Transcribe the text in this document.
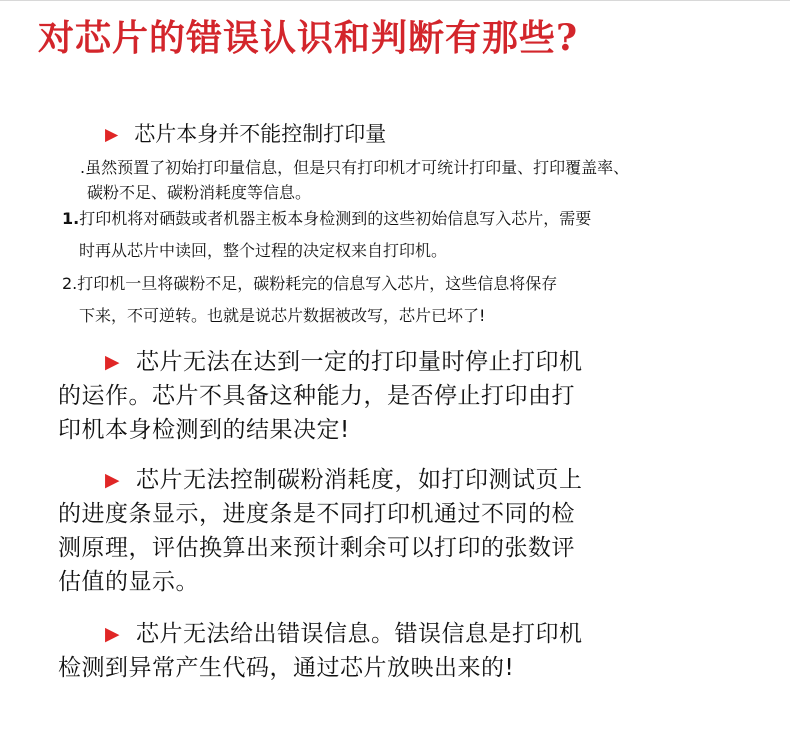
对芯片的错误认识和判断有那些?
▶ 芯片本身并不能控制打印量
.虽然预置了初始打印量信息，但是只有打印机才可统计打印量、打印覆盖率、
碳粉不足、碳粉消耗度等信息。
1.打印机将对硒鼓或者机器主板本身检测到的这些初始信息写入芯片，需要
时再从芯片中读回，整个过程的决定权来自打印机。
2.打印机一旦将碳粉不足，碳粉耗完的信息写入芯片，这些信息将保存
下来，不可逆转。也就是说芯片数据被改写，芯片已坏了!
▶ 芯片无法在达到一定的打印量时停止打印机
的运作。芯片不具备这种能力，是否停止打印由打
印机本身检测到的结果决定!
▶ 芯片无法控制碳粉消耗度，如打印测试页上
的进度条显示，进度条是不同打印机通过不同的检
测原理，评估换算出来预计剩余可以打印的张数评
估值的显示。
▶ 芯片无法给出错误信息。错误信息是打印机
检测到异常产生代码，通过芯片放映出来的!
